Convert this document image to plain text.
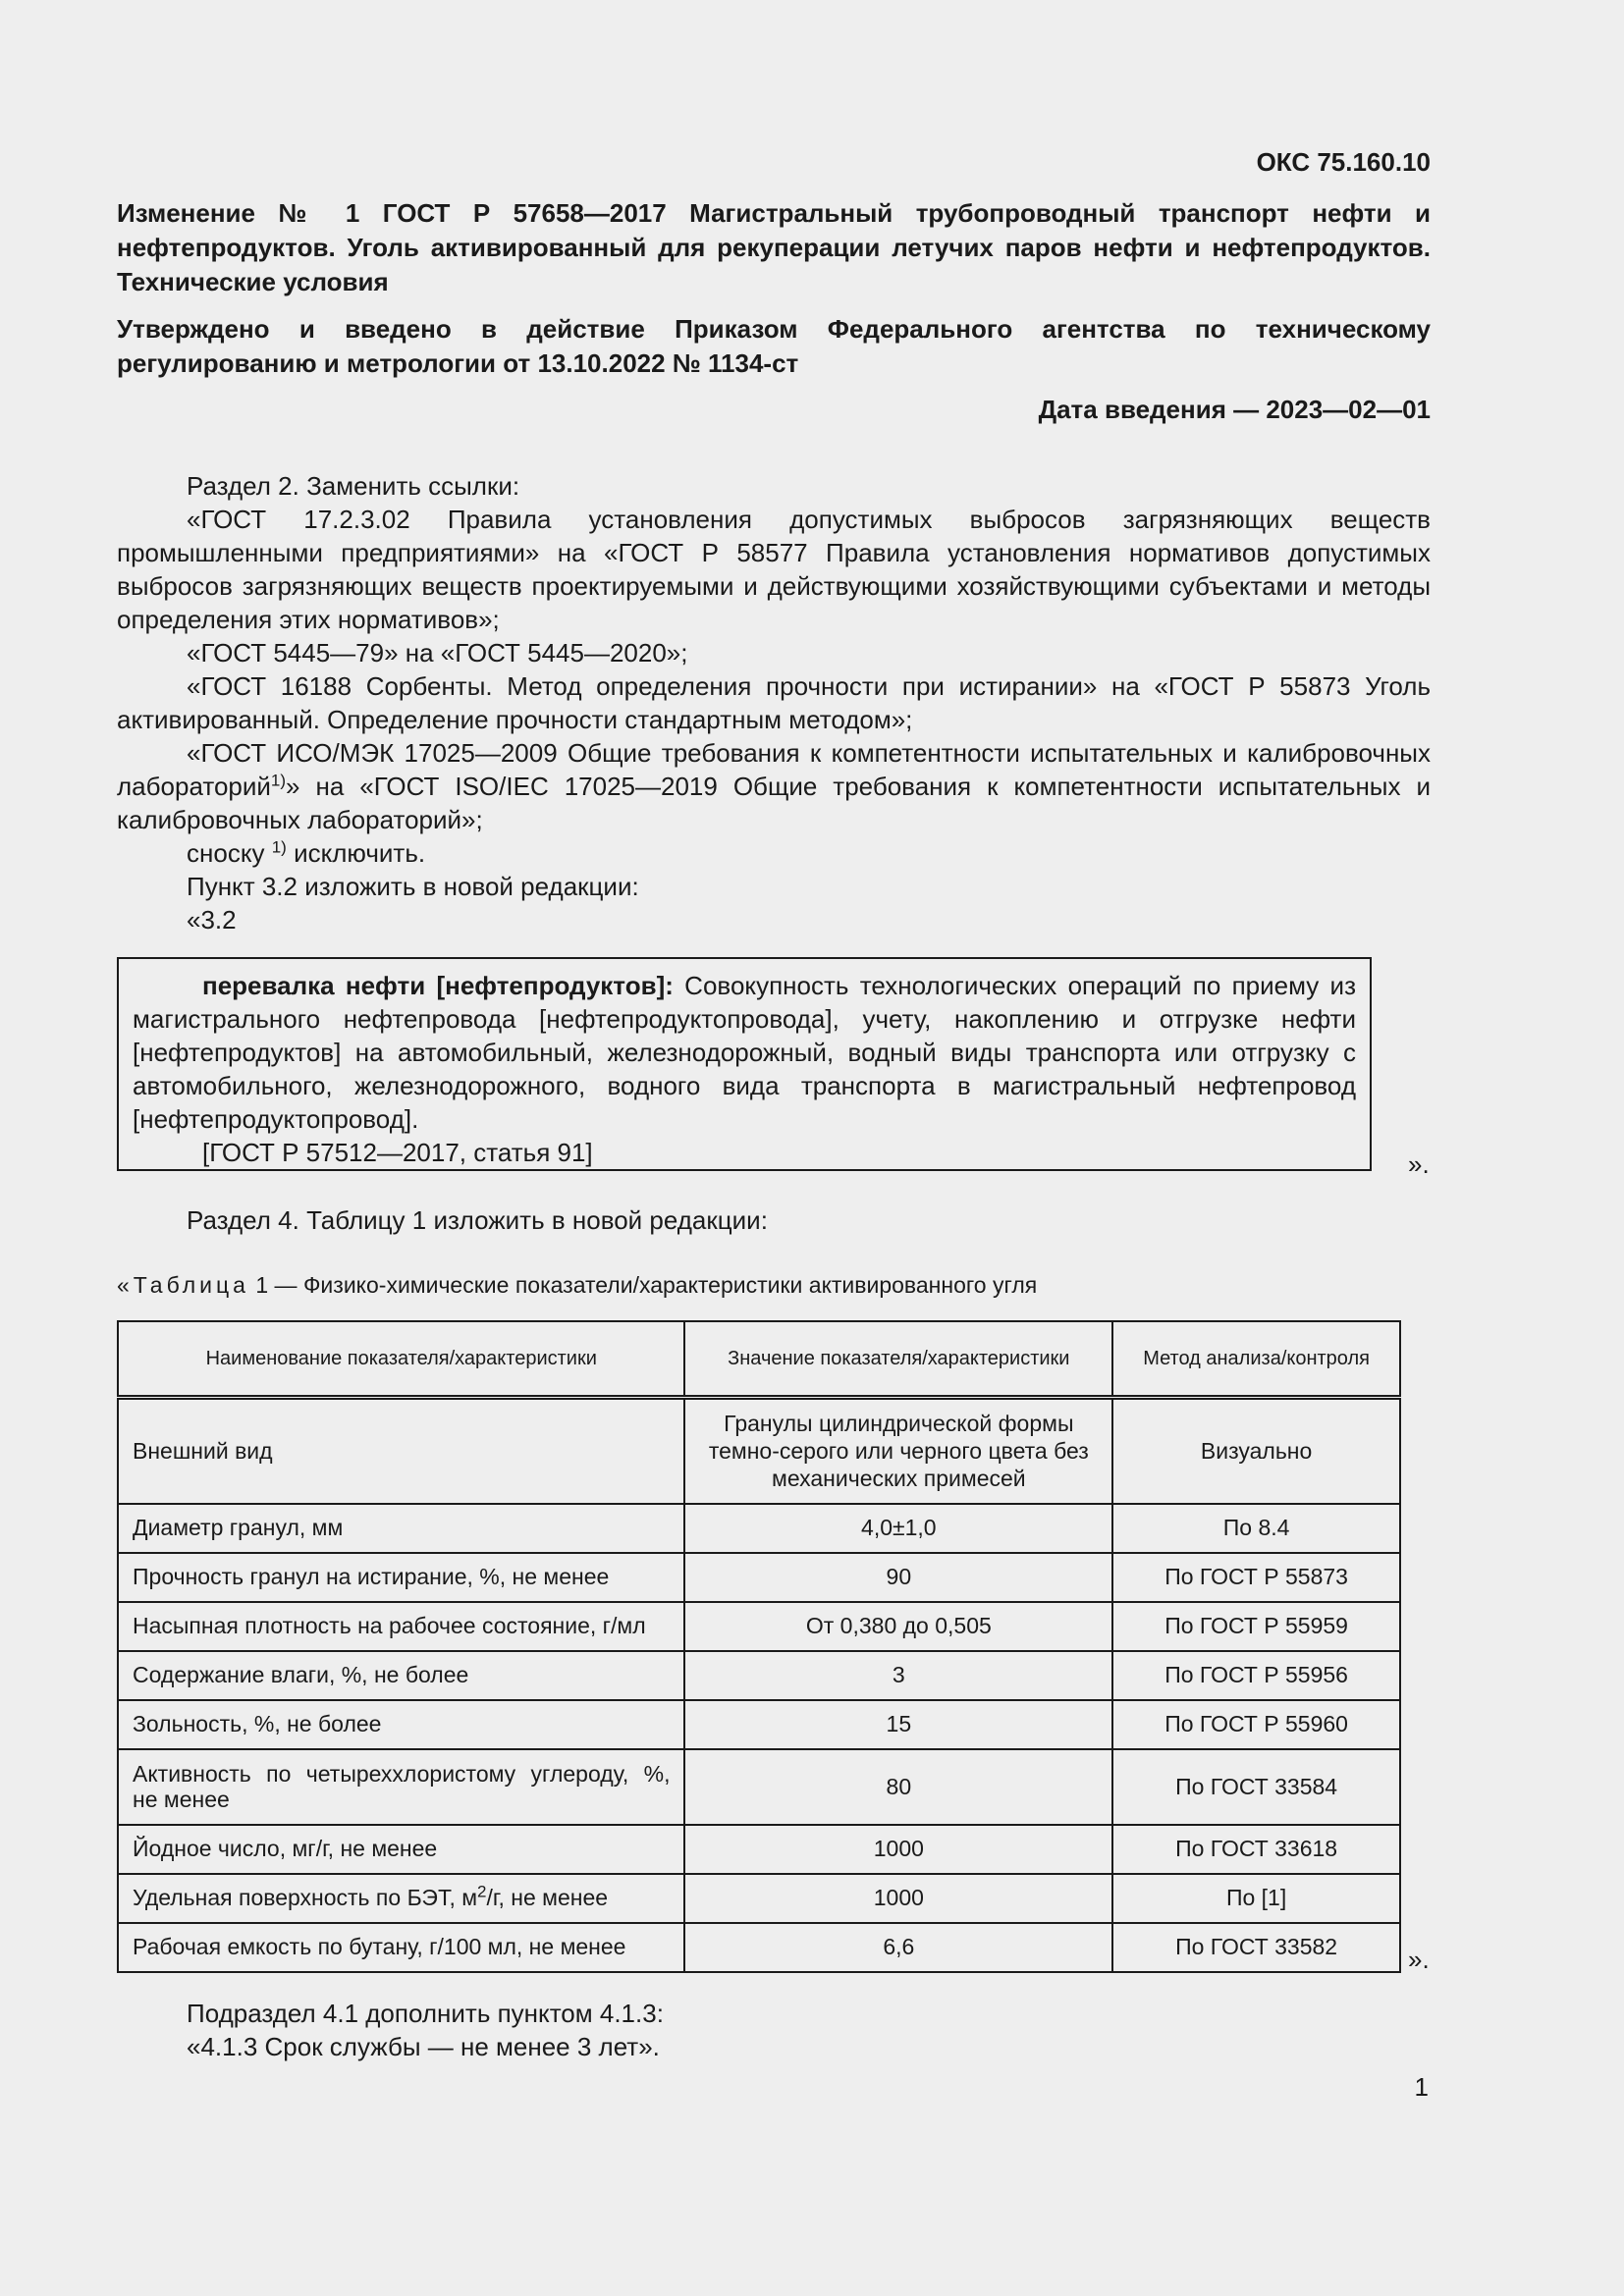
ОКС 75.160.10
Изменение № 1 ГОСТ Р 57658—2017 Магистральный трубопроводный транспорт нефти и нефтепродуктов. Уголь активированный для рекуперации летучих паров нефти и нефтепродуктов. Технические условия
Утверждено и введено в действие Приказом Федерального агентства по техническому регулированию и метрологии от 13.10.2022 № 1134-ст
Дата введения — 2023—02—01

Раздел 2. Заменить ссылки:

«ГОСТ 17.2.3.02 Правила установления допустимых выбросов загрязняющих веществ промышленными предприятиями» на «ГОСТ Р 58577 Правила установления нормативов допустимых выбросов загрязняющих веществ проектируемыми и действующими хозяйствующими субъектами и методы определения этих нормативов»;

«ГОСТ 5445—79» на «ГОСТ 5445—2020»;

«ГОСТ 16188 Сорбенты. Метод определения прочности при истирании» на «ГОСТ Р 55873 Уголь активированный. Определение прочности стандартным методом»;

«ГОСТ ИСО/МЭК 17025—2009 Общие требования к компетентности испытательных и калибровочных лабораторий$^{1)}$» на «ГОСТ ISO/IEC 17025—2019 Общие требования к компетентности испытательных и калибровочных лабораторий»;

сноску $^{1)}$ исключить.

Пункт 3.2 изложить в новой редакции:

«3.2

перевалка нефти [нефтепродуктов]: Совокупность технологических операций по приему из магистрального нефтепровода [нефтепродуктопровода], учету, накоплению и отгрузке нефти [нефтепродуктов] на автомобильный, железнодорожный, водный виды транспорта или отгрузку с автомобильного, железнодорожного, водного вида транспорта в магистральный нефтепровод [нефтепродуктопровод].

[ГОСТ Р 57512—2017, статья 91]	».
Раздел 4. Таблицу 1 изложить в новой редакции:
«Таблица 1 — Физико-химические показатели/характеристики активированного угля
Наименование показателя/характеристики	Значение показателя/характеристики	Метод анализа/контроля
Внешний вид	Гранулы цилиндрической формы темно-серого или черного цвета без механических примесей	Визуально
Диаметр гранул, мм	4,0±1,0	По 8.4
Прочность гранул на истирание, %, не менее	90	По ГОСТ Р 55873
Насыпная плотность на рабочее состояние, г/мл	От 0,380 до 0,505	По ГОСТ Р 55959
Содержание влаги, %, не более	3	По ГОСТ Р 55956
Зольность, %, не более	15	По ГОСТ Р 55960

Активность по четыреххлористому углероду, %,
не менее	80	По ГОСТ 33584
Йодное число, мг/г, не менее	1000	По ГОСТ 33618
Удельная поверхность по БЭТ, $м^2/г$, не менее	1000	По [1]
Рабочая емкость по бутану, г/100 мл, не менее	6,6	По ГОСТ 33582	».
Подраздел 4.1 дополнить пунктом 4.1.3:
«4.1.3 Срок службы — не менее 3 лет».
1
